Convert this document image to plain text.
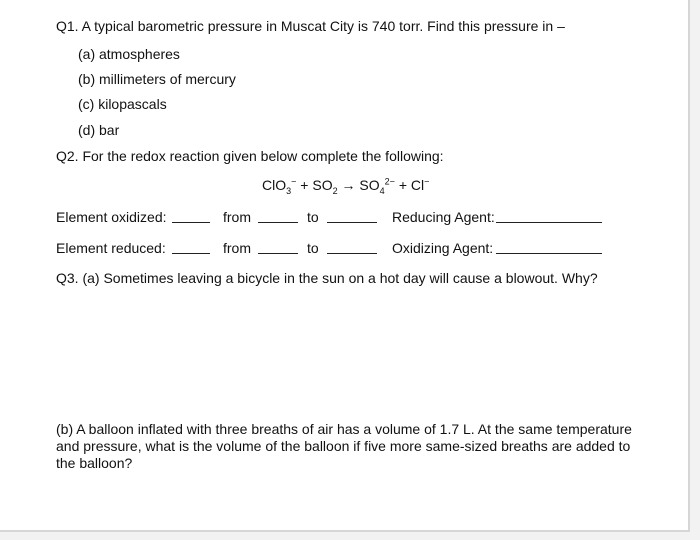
Q1. A typical barometric pressure in Muscat City is 740 torr. Find this pressure in –
(a) atmospheres
(b) millimeters of mercury
(c) kilopascals
(d) bar
Q2. For the redox reaction given below complete the following:
$ClO_3^- + SO_2 \to SO_4^{2-} + Cl^-$
Element oxidized:	from	to	Reducing Agent:
Element reduced:	from	to	Oxidizing Agent:
Q3. (a) Sometimes leaving a bicycle in the sun on a hot day will cause a blowout. Why?
(b) A balloon inflated with three breaths of air has a volume of 1.7 L. At the same temperature and pressure, what is the volume of the balloon if five more same-sized breaths are added to the balloon?
